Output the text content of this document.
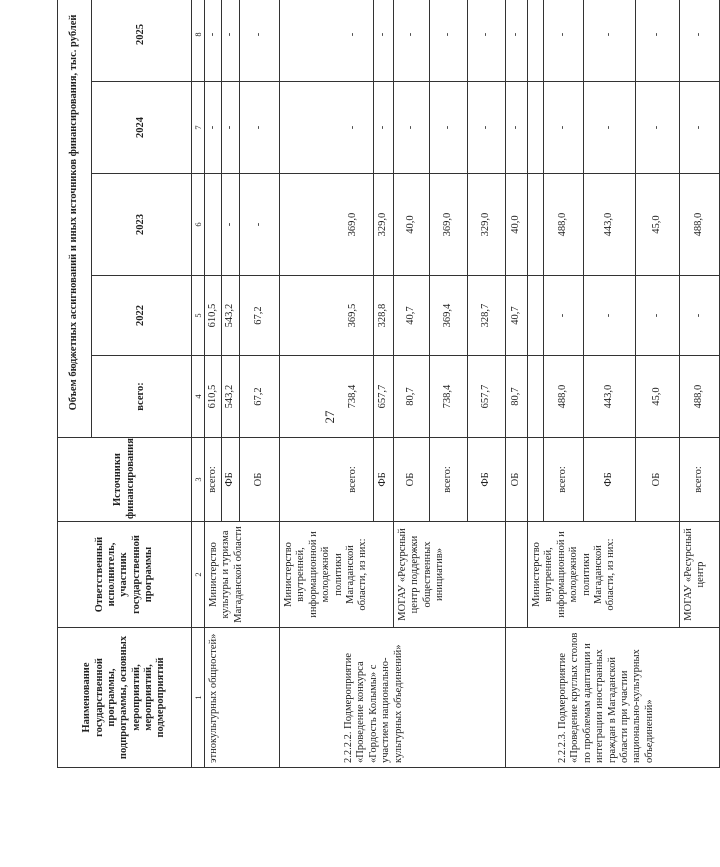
27
Наименование государственной программы, подпрограммы, основных мероприятий, мероприятий, подмероприятий	Ответственный исполнитель, участник государственной программы	Источники финансирования	Объем бюджетных ассигнований и иных источников финансирования, тыс. рублей				
			всего:	2022	2023	2024	2025
1	2	3	4	5	6	7	8
этнокультурных общностей»	Министерство культуры и туризма Магаданской области	всего:	610,5	610,5		-	-
		ФБ	543,2	543,2	-	-	-
		ОБ	67,2	67,2	-	-	-

2.2.2.2. Подмероприятие «Проведение конкурса «Гордость Колымы» с участием национально-культурных объединений»	Министерство внутренней, информационной и молодежной политики Магаданской области, из них:						

		всего:	738,4	369,5	369,0	-	-
		ФБ	657,7	328,8	329,0	-	-
	МОГАУ «Ресурсный центр поддержки общественных инициатив»	ОБ	80,7	40,7	40,0	-	-
		всего:	738,4	369,4	369,0	-	-
		ФБ	657,7	328,7	329,0	-	-

2.2.2.3. Подмероприятие «Проведение круглых столов по проблемам адаптации и интеграции иностранных граждан в Магаданской области при участии национально-культурных объединений»		ОБ	80,7	40,7	40,0	-	-
	Министерство внутренней, информационной и молодежной политики Магаданской области, из них:						
		всего:	488,0	-	488,0	-	-
		ФБ	443,0	-	443,0	-	-
		ОБ	45,0	-	45,0	-	-
	МОГАУ «Ресурсный центр	всего:	488,0	-	488,0	-	-
